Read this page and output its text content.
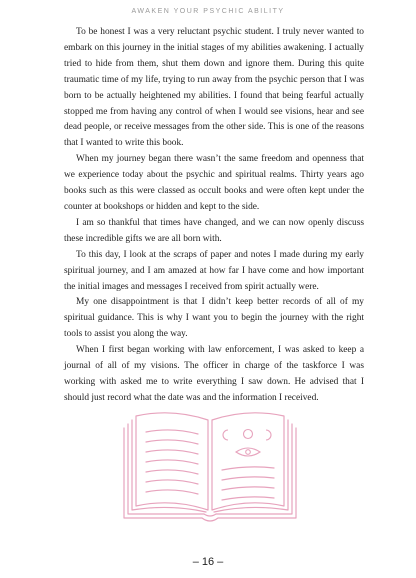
AWAKEN YOUR PSYCHIC ABILITY

To be honest I was a very reluctant psychic student. I truly never wanted to embark on this journey in the initial stages of my abilities awakening. I actually tried to hide from them, shut them down and ignore them. During this quite traumatic time of my life, trying to run away from the psychic person that I was born to be actually heightened my abilities. I found that being fearful actually stopped me from having any control of when I would see visions, hear and see dead people, or receive messages from the other side. This is one of the reasons that I wanted to write this book.

When my journey began there wasn’t the same freedom and openness that we experience today about the psychic and spiritual realms. Thirty years ago books such as this were classed as occult books and were often kept under the counter at bookshops or hidden and kept to the side.

I am so thankful that times have changed, and we can now openly discuss these incredible gifts we are all born with.

To this day, I look at the scraps of paper and notes I made during my early spiritual journey, and I am amazed at how far I have come and how important the initial images and messages I received from spirit actually were.

My one disappointment is that I didn’t keep better records of all of my spiritual guidance. This is why I want you to begin the journey with the right tools to assist you along the way.

When I first began working with law enforcement, I was asked to keep a journal of all of my visions. The officer in charge of the taskforce I was working with asked me to write everything I saw down. He advised that I should just record what the date was and the information I received.

– 16 –
